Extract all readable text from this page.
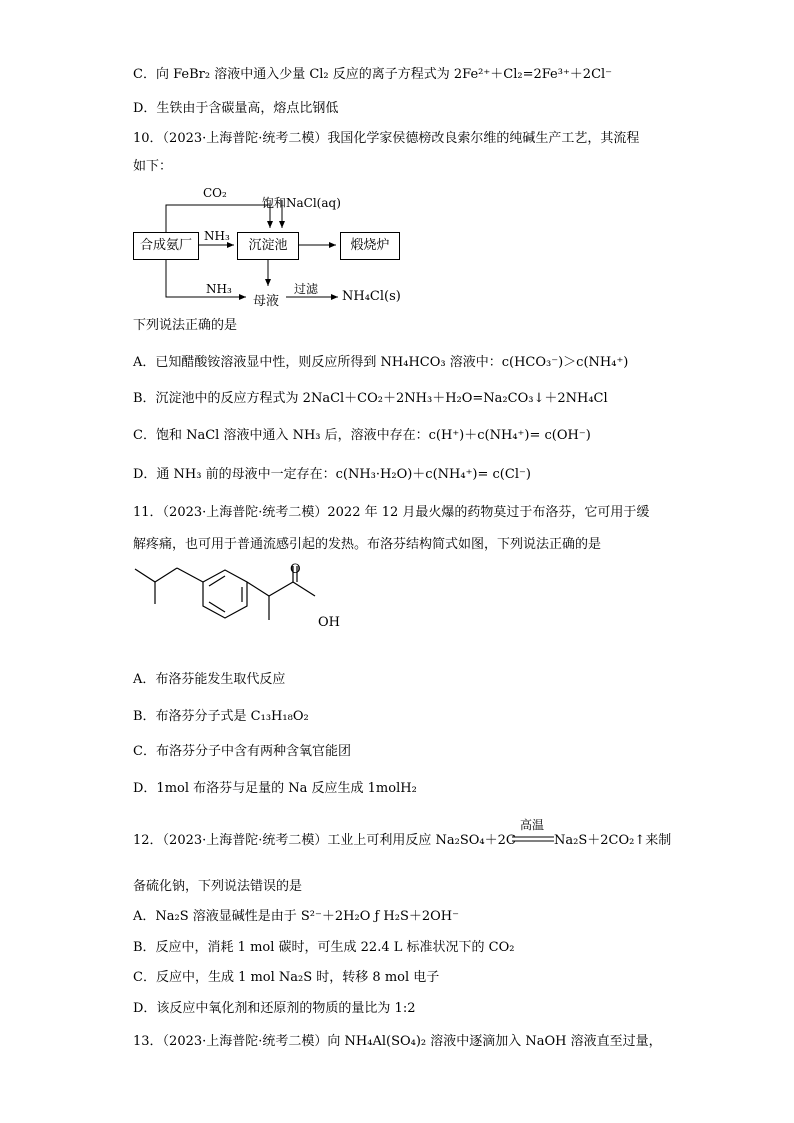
C．向 FeBr₂ 溶液中通入少量 Cl₂ 反应的离子方程式为 2Fe²⁺＋Cl₂=2Fe³⁺＋2Cl⁻
D．生铁由于含碳量高，熔点比钢低
10．（2023·上海普陀·统考二模）我国化学家侯德榜改良索尔维的纯碱生产工艺，其流程
如下：
合成氨厂	沉淀池	煅烧炉
CO₂
饱和NaCl(aq)
NH₃
NH₃
母液
过滤 NH₄Cl(s)
下列说法正确的是
A．已知醋酸铵溶液显中性，则反应所得到 NH₄HCO₃ 溶液中：c(HCO₃⁻)＞c(NH₄⁺)
B．沉淀池中的反应方程式为 2NaCl＋CO₂＋2NH₃＋H₂O=Na₂CO₃↓＋2NH₄Cl
C．饱和 NaCl 溶液中通入 NH₃ 后，溶液中存在：c(H⁺)＋c(NH₄⁺)= c(OH⁻)
D．通 NH₃ 前的母液中一定存在：c(NH₃·H₂O)＋c(NH₄⁺)= c(Cl⁻)
11．（2023·上海普陀·统考二模）2022 年 12 月最火爆的药物莫过于布洛芬，它可用于缓
解疼痛，也可用于普通流感引起的发热。布洛芬结构简式如图，下列说法正确的是
O
OH
A．布洛芬能发生取代反应
B．布洛芬分子式是 C₁₃H₁₈O₂
C．布洛芬分子中含有两种含氧官能团
D．1mol 布洛芬与足量的 Na 反应生成 1molH₂
12．（2023·上海普陀·统考二模）工业上可利用反应 Na₂SO₄＋2C
高温
Na₂S＋2CO₂↑来制
备硫化钠，下列说法错误的是
A．Na₂S 溶液显碱性是由于 S²⁻＋2H₂O ƒ H₂S＋2OH⁻
B．反应中，消耗 1 mol 碳时，可生成 22.4 L 标准状况下的 CO₂
C．反应中，生成 1 mol Na₂S 时，转移 8 mol 电子
D．该反应中氧化剂和还原剂的物质的量比为 1:2
13．（2023·上海普陀·统考二模）向 NH₄Al(SO₄)₂ 溶液中逐滴加入 NaOH 溶液直至过量，
